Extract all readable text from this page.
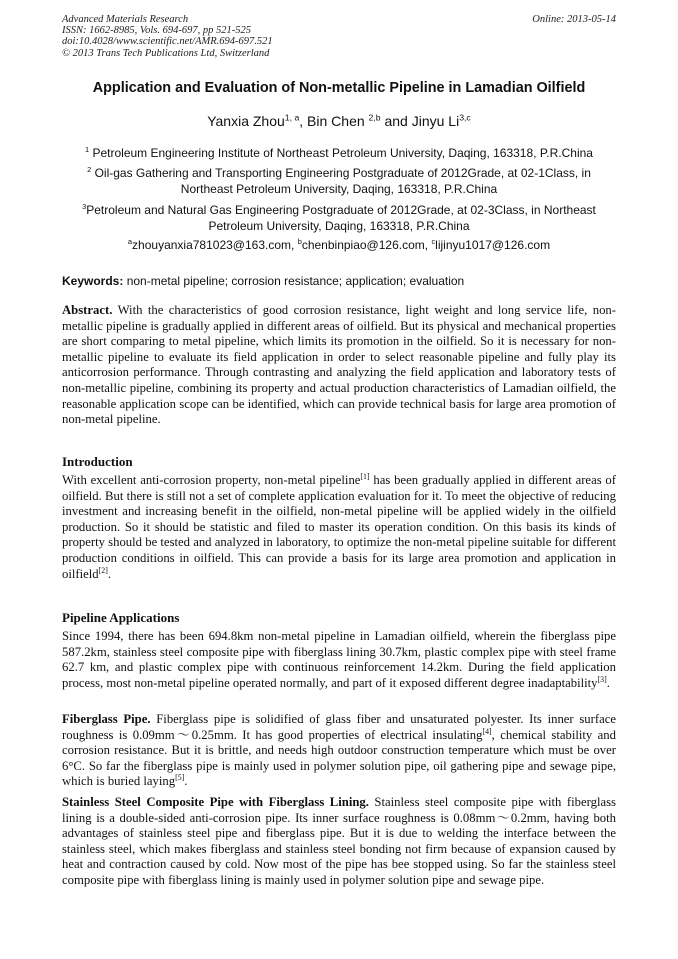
Advanced Materials Research
ISSN: 1662-8985, Vols. 694-697, pp 521-525
doi:10.4028/www.scientific.net/AMR.694-697.521
© 2013 Trans Tech Publications Ltd, Switzerland
Online: 2013-05-14
Application and Evaluation of Non-metallic Pipeline in Lamadian Oilfield
Yanxia Zhou$^{1, a}$, Bin Chen $^{2,b}$ and Jinyu Li$^{3,c}$
$^1$ Petroleum Engineering Institute of Northeast Petroleum University, Daqing, 163318, P.R.China
$^2$ Oil-gas Gathering and Transporting Engineering Postgraduate of 2012Grade, at 02-1Class, in Northeast Petroleum University, Daqing, 163318, P.R.China
$^3$Petroleum and Natural Gas Engineering Postgraduate of 2012Grade, at 02-3Class, in Northeast Petroleum University, Daqing, 163318, P.R.China
$^a$zhouyanxia781023@163.com, $^b$chenbinpiao@126.com, $^c$lijinyu1017@126.com
Keywords: non-metal pipeline; corrosion resistance; application; evaluation
Abstract. With the characteristics of good corrosion resistance, light weight and long service life, non-metallic pipeline is gradually applied in different areas of oilfield. But its physical and mechanical properties are short comparing to metal pipeline, which limits its promotion in the oilfield. So it is necessary for non-metallic pipeline to evaluate its field application in order to select reasonable pipeline and fully play its anticorrosion performance. Through contrasting and analyzing the field application and laboratory tests of non-metallic pipeline, combining its property and actual production characteristics of Lamadian oilfield, the reasonable application scope can be identified, which can provide technical basis for large area promotion of non-metal pipeline.
Introduction
With excellent anti-corrosion property, non-metal pipeline[1] has been gradually applied in different areas of oilfield. But there is still not a set of complete application evaluation for it. To meet the objective of reducing investment and increasing benefit in the oilfield, non-metal pipeline will be applied widely in the oilfield production. So it should be statistic and filed to master its operation condition. On this basis its kinds of property should be tested and analyzed in laboratory, to optimize the non-metal pipeline suitable for different production conditions in oilfield. This can provide a basis for its large area promotion and application in oilfield[2].
Pipeline Applications
Since 1994, there has been 694.8km non-metal pipeline in Lamadian oilfield, wherein the fiberglass pipe 587.2km, stainless steel composite pipe with fiberglass lining 30.7km, plastic complex pipe with steel frame 62.7 km, and plastic complex pipe with continuous reinforcement 14.2km. During the field application process, most non-metal pipeline operated normally, and part of it exposed different degree inadaptability[3].
Fiberglass Pipe. Fiberglass pipe is solidified of glass fiber and unsaturated polyester. Its inner surface roughness is 0.09mm～0.25mm. It has good properties of electrical insulating[4], chemical stability and corrosion resistance. But it is brittle, and needs high outdoor construction temperature which must be over 6°C. So far the fiberglass pipe is mainly used in polymer solution pipe, oil gathering pipe and sewage pipe, which is buried laying[5].
Stainless Steel Composite Pipe with Fiberglass Lining. Stainless steel composite pipe with fiberglass lining is a double-sided anti-corrosion pipe. Its inner surface roughness is 0.08mm～0.2mm, having both advantages of stainless steel pipe and fiberglass pipe. But it is due to welding the interface between the stainless steel, which makes fiberglass and stainless steel bonding not firm because of expansion caused by heat and contraction caused by cold. Now most of the pipe has bee stopped using. So far the stainless steel composite pipe with fiberglass lining is mainly used in polymer solution pipe and sewage pipe.
